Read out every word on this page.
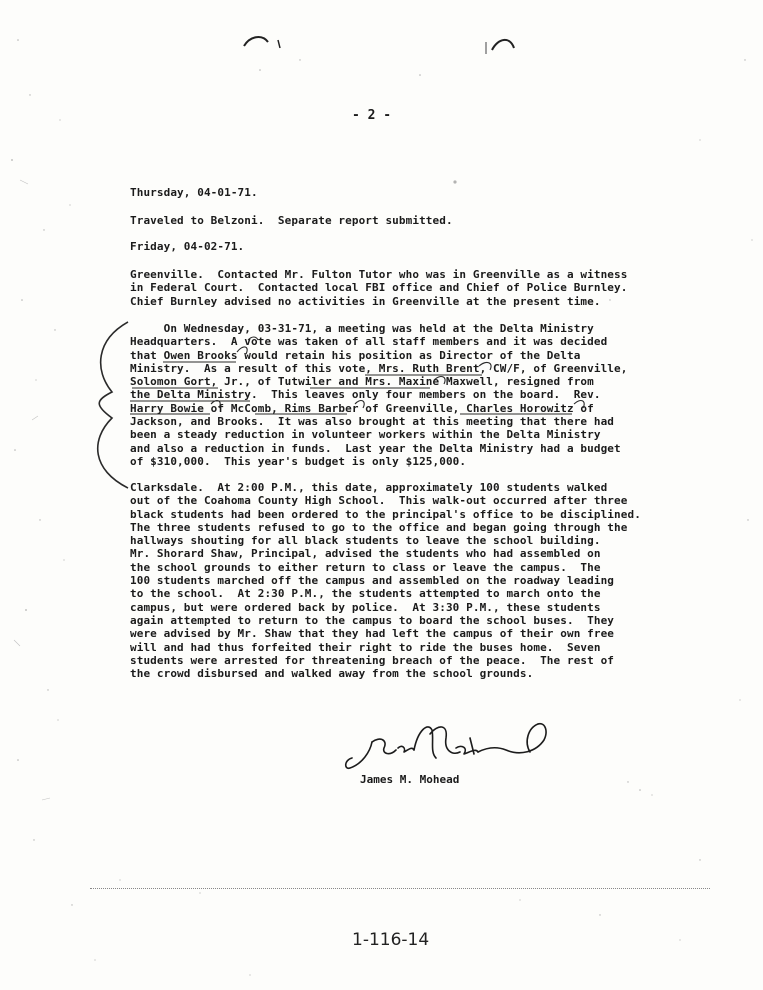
- 2 -

Thursday, 04-01-71.

Traveled to Belzoni.  Separate report submitted.

Friday, 04-02-71.

Greenville.  Contacted Mr. Fulton Tutor who was in Greenville as a witness
in Federal Court.  Contacted local FBI office and Chief of Police Burnley.
Chief Burnley advised no activities in Greenville at the present time.

On Wednesday, 03-31-71, a meeting was held at the Delta Ministry
Headquarters.  A vote was taken of all staff members and it was decided
that Owen Brooks would retain his position as Director of the Delta
Ministry.  As a result of this vote, Mrs. Ruth Brent, CW/F, of Greenville,
Solomon Gort, Jr., of Tutwiler and Mrs. Maxine Maxwell, resigned from
the Delta Ministry.  This leaves only four members on the board.  Rev.
Harry Bowie of McComb, Rims Barber of Greenville, Charles Horowitz of
Jackson, and Brooks.  It was also brought at this meeting that there had
been a steady reduction in volunteer workers within the Delta Ministry
and also a reduction in funds.  Last year the Delta Ministry had a budget
of $310,000.  This year's budget is only $125,000.

Clarksdale.  At 2:00 P.M., this date, approximately 100 students walked
out of the Coahoma County High School.  This walk-out occurred after three
black students had been ordered to the principal's office to be disciplined.
The three students refused to go to the office and began going through the
hallways shouting for all black students to leave the school building.
Mr. Shorard Shaw, Principal, advised the students who had assembled on
the school grounds to either return to class or leave the campus.  The
100 students marched off the campus and assembled on the roadway leading
to the school.  At 2:30 P.M., the students attempted to march onto the
campus, but were ordered back by police.  At 3:30 P.M., these students
again attempted to return to the campus to board the school buses.  They
were advised by Mr. Shaw that they had left the campus of their own free
will and had thus forfeited their right to ride the buses home.  Seven
students were arrested for threatening breach of the peace.  The rest of
the crowd disbursed and walked away from the school grounds.

James M. Mohead
1-116-14
